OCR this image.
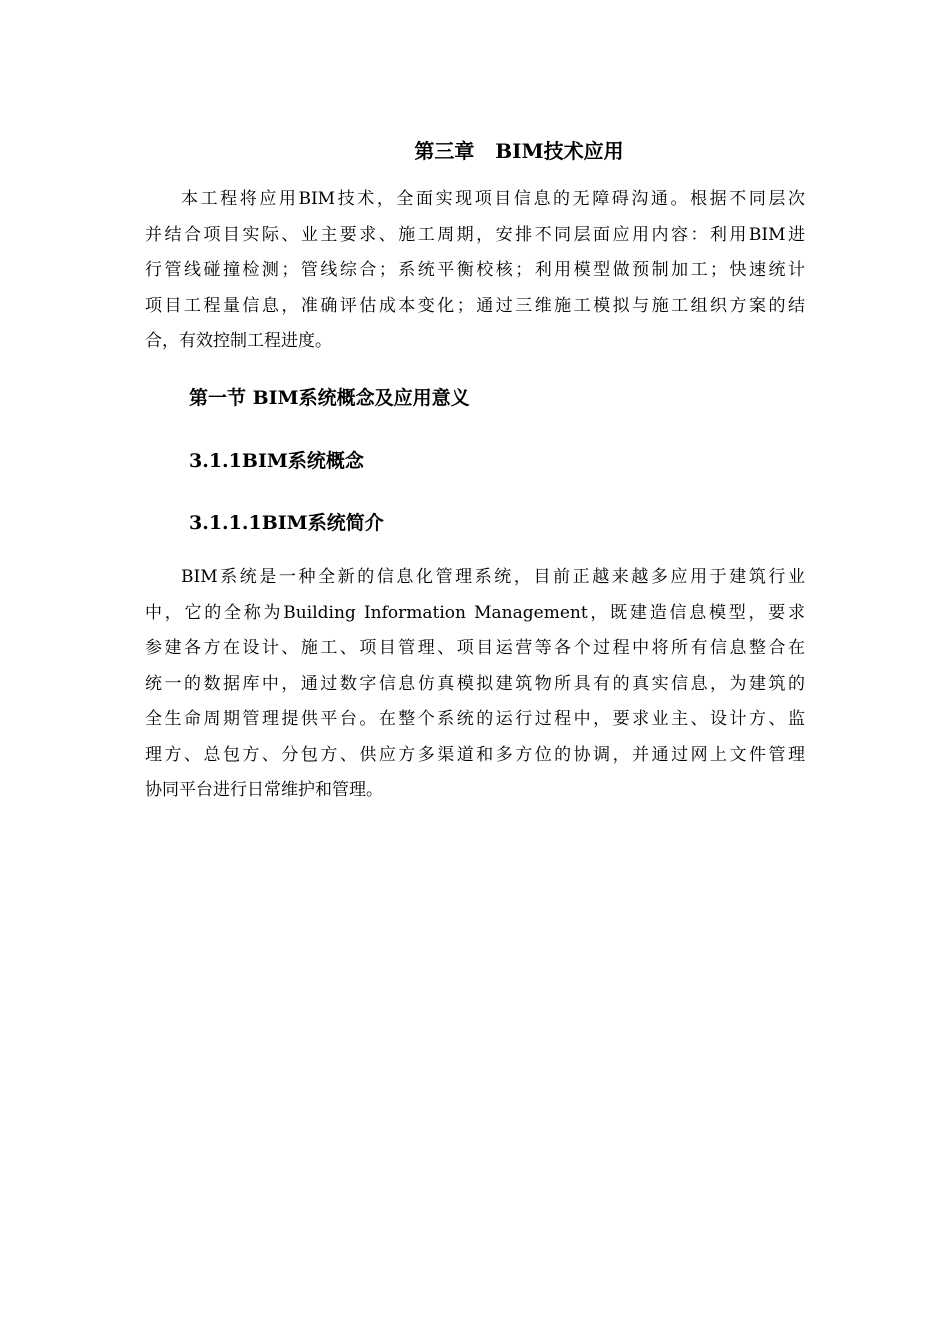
第三章   BIM技术应用

本工程将应用BIM技术，全面实现项目信息的无障碍沟通。根据不同层次
并结合项目实际、业主要求、施工周期，安排不同层面应用内容：利用BIM进
行管线碰撞检测；管线综合；系统平衡校核；利用模型做预制加工；快速统计
项目工程量信息，准确评估成本变化；通过三维施工模拟与施工组织方案的结
合，有效控制工程进度。

第一节 BIM系统概念及应用意义
3.1.1BIM系统概念
3.1.1.1BIM系统简介

BIM系统是一种全新的信息化管理系统，目前正越来越多应用于建筑行业
中，它的全称为Building Information Management，既建造信息模型，要求
参建各方在设计、施工、项目管理、项目运营等各个过程中将所有信息整合在
统一的数据库中，通过数字信息仿真模拟建筑物所具有的真实信息，为建筑的
全生命周期管理提供平台。在整个系统的运行过程中，要求业主、设计方、监
理方、总包方、分包方、供应方多渠道和多方位的协调，并通过网上文件管理
协同平台进行日常维护和管理。
